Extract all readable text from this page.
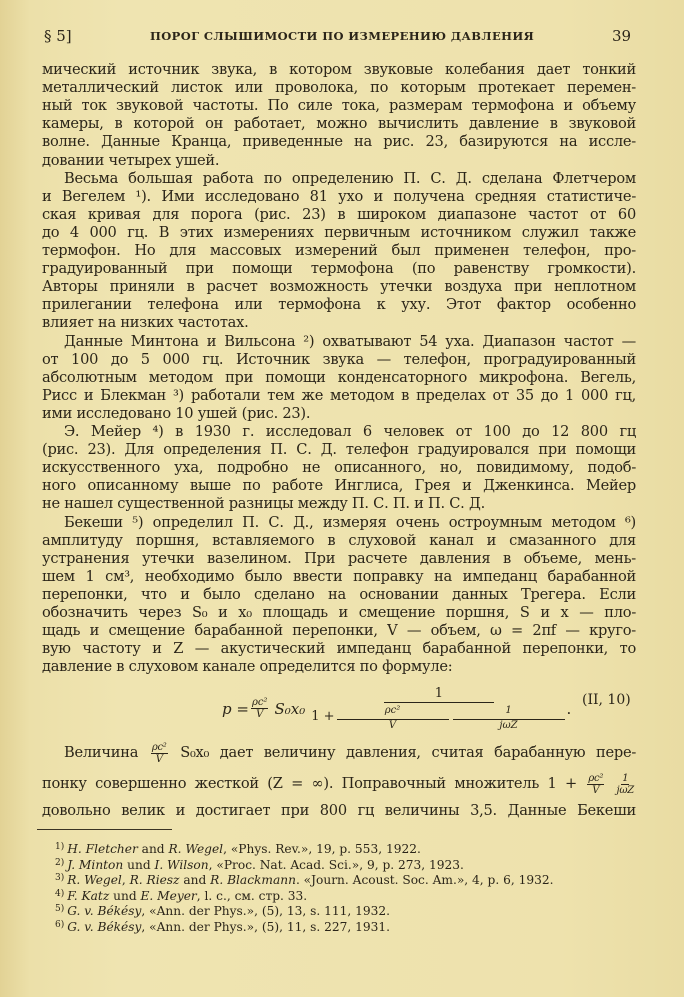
§ 5]	ПОРОГ СЛЫШИМОСТИ ПО ИЗМЕРЕНИЮ ДАВЛЕНИЯ	39
мический источник звука, в котором звуковые колебания дает тонкий
металлический листок или проволока, по которым протекает перемен-
ный ток звуковой частоты. По силе тока, размерам термофона и объему
камеры, в которой он работает, можно вычислить давление в звуковой
волне. Данные Кранца, приведенные на рис. 23, базируются на иссле-
довании четырех ушей.
Весьма большая работа по определению П. С. Д. сделана Флетчером
и Вегелем ¹). Ими исследовано 81 ухо и получена средняя статистиче-
ская кривая для порога (рис. 23) в широком диапазоне частот от 60
до 4 000 гц. В этих измерениях первичным источником служил также
термофон. Но для массовых измерений был применен телефон, про-
градуированный при помощи термофона (по равенству громкости).
Авторы приняли в расчет возможность утечки воздуха при неплотном
прилегании телефона или термофона к уху. Этот фактор особенно
влияет на низких частотах.
Данные Минтона и Вильсона ²) охватывают 54 уха. Диапазон частот —
от 100 до 5 000 гц. Источник звука — телефон, проградуированный
абсолютным методом при помощи конденсаторного микрофона. Вегель,
Рисс и Блекман ³) работали тем же методом в пределах от 35 до 1 000 гц,
ими исследовано 10 ушей (рис. 23).
Э. Мейер ⁴) в 1930 г. исследовал 6 человек от 100 до 12 800 гц
(рис. 23). Для определения П. С. Д. телефон градуировался при помощи
искусственного уха, подробно не описанного, но, повидимому, подоб-
ного описанному выше по работе Инглиса, Грея и Дженкинса. Мейер
не нашел существенной разницы между П. С. П. и П. С. Д.
Бекеши ⁵) определил П. С. Д., измеряя очень остроумным методом ⁶)
амплитуду поршня, вставляемого в слуховой канал и смазанного для
устранения утечки вазелином. При расчете давления в объеме, мень-
шем 1 см³, необходимо было ввести поправку на импеданц барабанной
перепонки, что и было сделано на основании данных Трегера. Если
обозначить через S₀ и x₀ площадь и смещение поршня, S и x — пло-
щадь и смещение барабанной перепонки, V — объем, ω = 2πf — круго-
вую частоту и Z — акустический импеданц барабанной перепонки, то
давление в слуховом канале определится по формуле:
$p = \frac{\text{ρc²}}{V} S_0x_0$
1
$1 + \frac{\text{ρc²}}{V} \frac{1}{\text{jωZ}}$ . (II, 10)
Величина $\frac{\text{ρc²}}{V} S_0x_0$ дает величину давления, считая барабанную пере-
понку совершенно жесткой (Z = ∞). Поправочный множитель $1 + \frac{\text{ρc²}}{V}$
$\frac{1}{\text{jωZ}}$
довольно велик и достигает при 800 гц величины 3,5. Данные Бекеши
$^{1)}$ H. Fletcher and R. Wegel, «Phys. Rev.», 19, p. 553, 1922.
$^{2)}$ J. Minton und I. Wilson, «Proc. Nat. Acad. Sci.», 9, p. 273, 1923.
$^{3)}$ R. Wegel, R. Riesz and R. Blackmann. «Journ. Acoust. Soc. Am.», 4, p. 6, 1932.
$^{4)}$ F. Katz und E. Meyer, l. c., см. стр. 33.
$^{5)}$ G. v. Békésy, «Ann. der Phys.», (5), 13, s. 111, 1932.
$^{6)}$ G. v. Békésy, «Ann. der Phys.», (5), 11, s. 227, 1931.
